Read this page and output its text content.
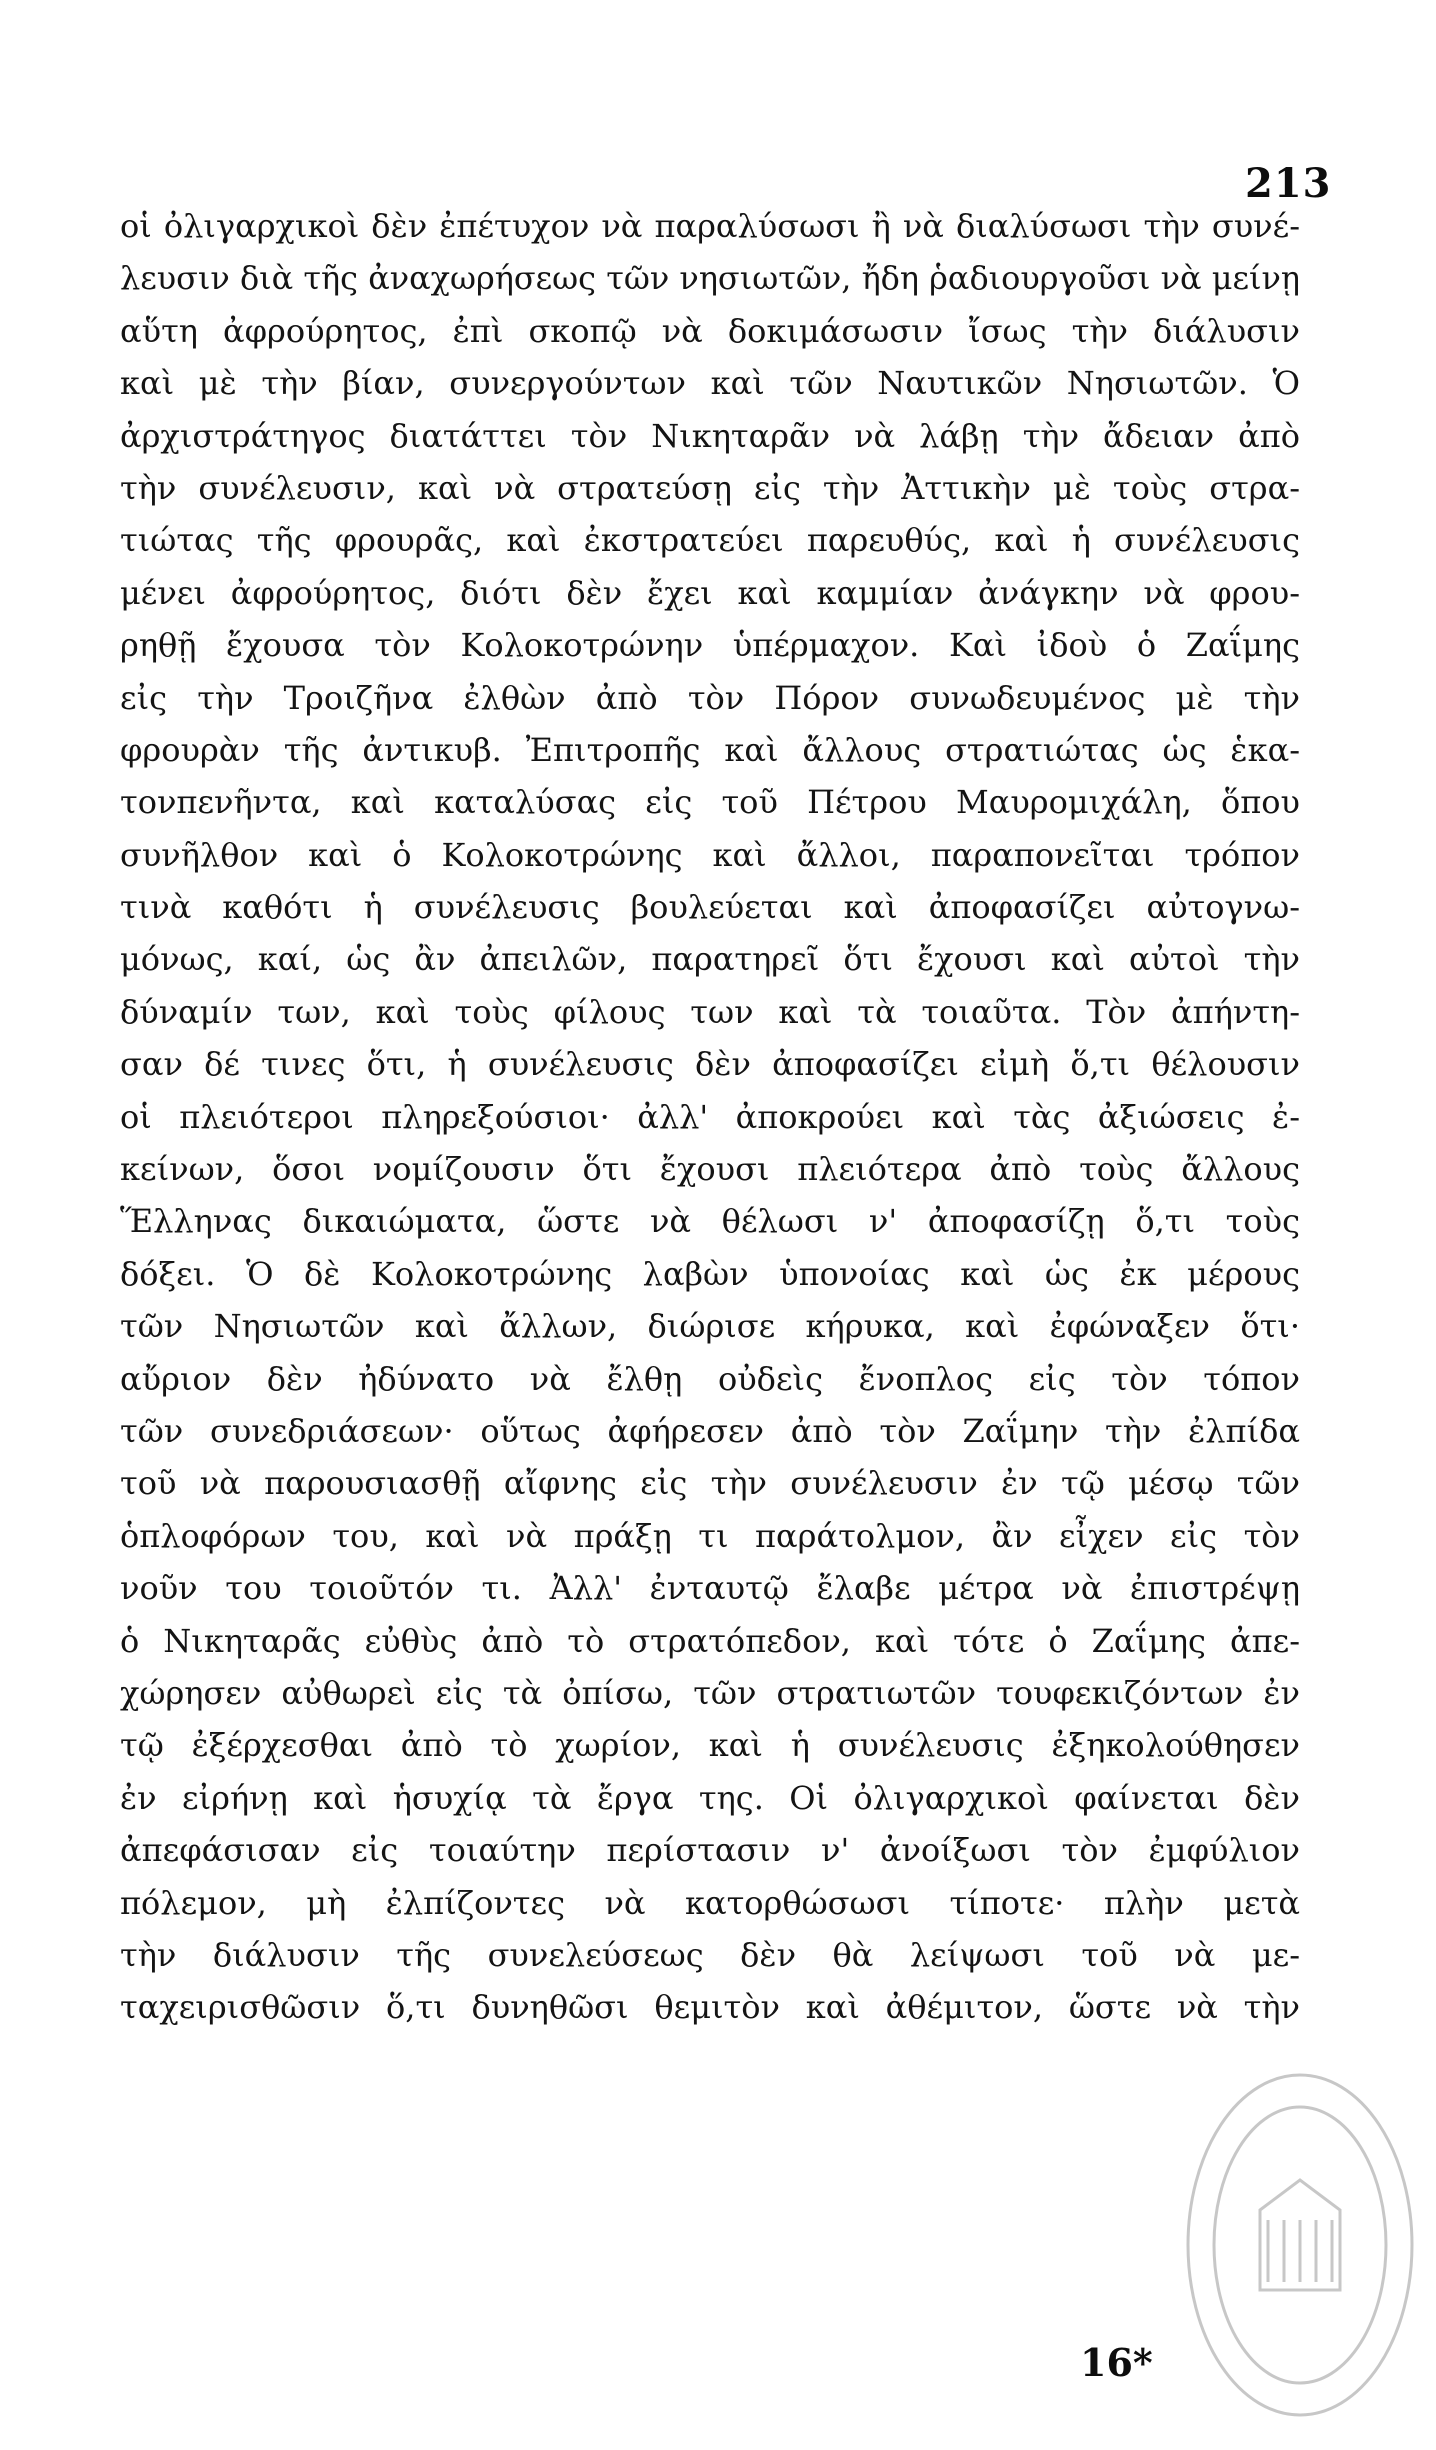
213
οἱ ὀλιγαρχικοὶ δὲν ἐπέτυχον νὰ παραλύσωσι ἢ νὰ διαλύσωσι τὴν συνέ-
λευσιν διὰ τῆς ἀναχωρήσεως τῶν νησιωτῶν, ἤδη ῥαδιουργοῦσι νὰ μείνῃ
αὕτη ἀφρούρητος, ἐπὶ σκοπῷ νὰ δοκιμάσωσιν ἴσως τὴν διάλυσιν
καὶ μὲ τὴν βίαν, συνεργούντων καὶ τῶν Ναυτικῶν Νησιωτῶν. Ὁ
ἀρχιστράτηγος διατάττει τὸν Νικηταρᾶν νὰ λάβῃ τὴν ἄδειαν ἀπὸ
τὴν συνέλευσιν, καὶ νὰ στρατεύσῃ εἰς τὴν Ἀττικὴν μὲ τοὺς στρα-
τιώτας τῆς φρουρᾶς, καὶ ἐκστρατεύει παρευθύς, καὶ ἡ συνέλευσις
μένει ἀφρούρητος, διότι δὲν ἔχει καὶ καμμίαν ἀνάγκην νὰ φρου-
ρηθῇ ἔχουσα τὸν Κολοκοτρώνην ὑπέρμαχον. Καὶ ἰδοὺ ὁ Ζαΐμης
εἰς τὴν Τροιζῆνα ἐλθὼν ἀπὸ τὸν Πόρον συνωδευμένος μὲ τὴν
φρουρὰν τῆς ἀντικυβ. Ἐπιτροπῆς καὶ ἄλλους στρατιώτας ὡς ἑκα-
τονπενῆντα, καὶ καταλύσας εἰς τοῦ Πέτρου Μαυρομιχάλη, ὅπου
συνῆλθον καὶ ὁ Κολοκοτρώνης καὶ ἄλλοι, παραπονεῖται τρόπον
τινὰ καθότι ἡ συνέλευσις βουλεύεται καὶ ἀποφασίζει αὐτογνω-
μόνως, καί, ὡς ἂν ἀπειλῶν, παρατηρεῖ ὅτι ἔχουσι καὶ αὐτοὶ τὴν
δύναμίν των, καὶ τοὺς φίλους των καὶ τὰ τοιαῦτα. Τὸν ἀπήντη-
σαν δέ τινες ὅτι, ἡ συνέλευσις δὲν ἀποφασίζει εἰμὴ ὅ,τι θέλουσιν
οἱ πλειότεροι πληρεξούσιοι· ἀλλ' ἀποκρούει καὶ τὰς ἀξιώσεις ἐ-
κείνων, ὅσοι νομίζουσιν ὅτι ἔχουσι πλειότερα ἀπὸ τοὺς ἄλλους
Ἕλληνας δικαιώματα, ὥστε νὰ θέλωσι ν' ἀποφασίζῃ ὅ,τι τοὺς
δόξει. Ὁ δὲ Κολοκοτρώνης λαβὼν ὑπονοίας καὶ ὡς ἐκ μέρους
τῶν Νησιωτῶν καὶ ἄλλων, διώρισε κήρυκα, καὶ ἐφώναξεν ὅτι·
αὔριον δὲν ἠδύνατο νὰ ἔλθῃ οὐδεὶς ἔνοπλος εἰς τὸν τόπον
τῶν συνεδριάσεων· οὕτως ἀφήρεσεν ἀπὸ τὸν Ζαΐμην τὴν ἐλπίδα
τοῦ νὰ παρουσιασθῇ αἴφνης εἰς τὴν συνέλευσιν ἐν τῷ μέσῳ τῶν
ὁπλοφόρων του, καὶ νὰ πράξῃ τι παράτολμον, ἂν εἶχεν εἰς τὸν
νοῦν του τοιοῦτόν τι. Ἀλλ' ἐνταυτῷ ἔλαβε μέτρα νὰ ἐπιστρέψῃ
ὁ Νικηταρᾶς εὐθὺς ἀπὸ τὸ στρατόπεδον, καὶ τότε ὁ Ζαΐμης ἀπε-
χώρησεν αὐθωρεὶ εἰς τὰ ὀπίσω, τῶν στρατιωτῶν τουφεκιζόντων ἐν
τῷ ἐξέρχεσθαι ἀπὸ τὸ χωρίον, καὶ ἡ συνέλευσις ἐξηκολούθησεν
ἐν εἰρήνῃ καὶ ἡσυχίᾳ τὰ ἔργα της. Οἱ ὀλιγαρχικοὶ φαίνεται δὲν
ἀπεφάσισαν εἰς τοιαύτην περίστασιν ν' ἀνοίξωσι τὸν ἐμφύλιον
πόλεμον, μὴ ἐλπίζοντες νὰ κατορθώσωσι τίποτε· πλὴν μετὰ
τὴν διάλυσιν τῆς συνελεύσεως δὲν θὰ λείψωσι τοῦ νὰ με-
ταχειρισθῶσιν ὅ,τι δυνηθῶσι θεμιτὸν καὶ ἀθέμιτον, ὥστε νὰ τὴν
16*
